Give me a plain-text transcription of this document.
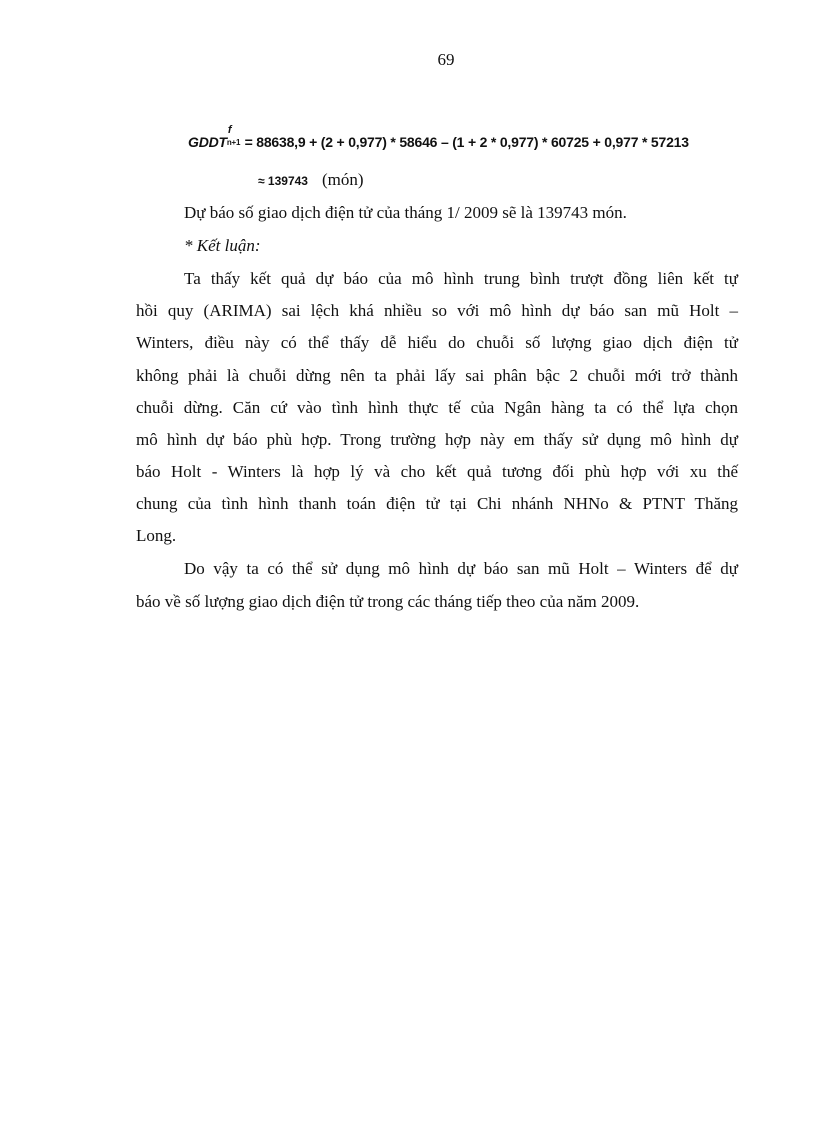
69
GDDT
f
n+1 = 88638,9 + (2 + 0,977) * 58646 – (1 + 2 * 0,977) * 60725 + 0,977 * 57213
≈ 139743 (món)
Dự báo số giao dịch điện tử của tháng 1/ 2009 sẽ là 139743 món.
* Kết luận:
Ta thấy kết quả dự báo của mô hình trung bình trượt đồng liên kết tự
hồi quy (ARIMA) sai lệch khá nhiều so với mô hình dự báo san mũ Holt –
Winters, điều này có thể thấy dễ hiểu do chuỗi số lượng giao dịch điện tử
không phải là chuỗi dừng nên ta phải lấy sai phân bậc 2 chuỗi mới trở thành
chuỗi dừng. Căn cứ vào tình hình thực tế của Ngân hàng ta có thể lựa chọn
mô hình dự báo phù hợp. Trong trường hợp này em thấy sử dụng mô hình dự
báo Holt - Winters là hợp lý và cho kết quả tương đối phù hợp với xu thế
chung của tình hình thanh toán điện tử tại Chi nhánh NHNo & PTNT Thăng
Long.
Do vậy ta có thể sử dụng mô hình dự báo san mũ Holt – Winters để dự
báo về số lượng giao dịch điện tử trong các tháng tiếp theo của năm 2009.
